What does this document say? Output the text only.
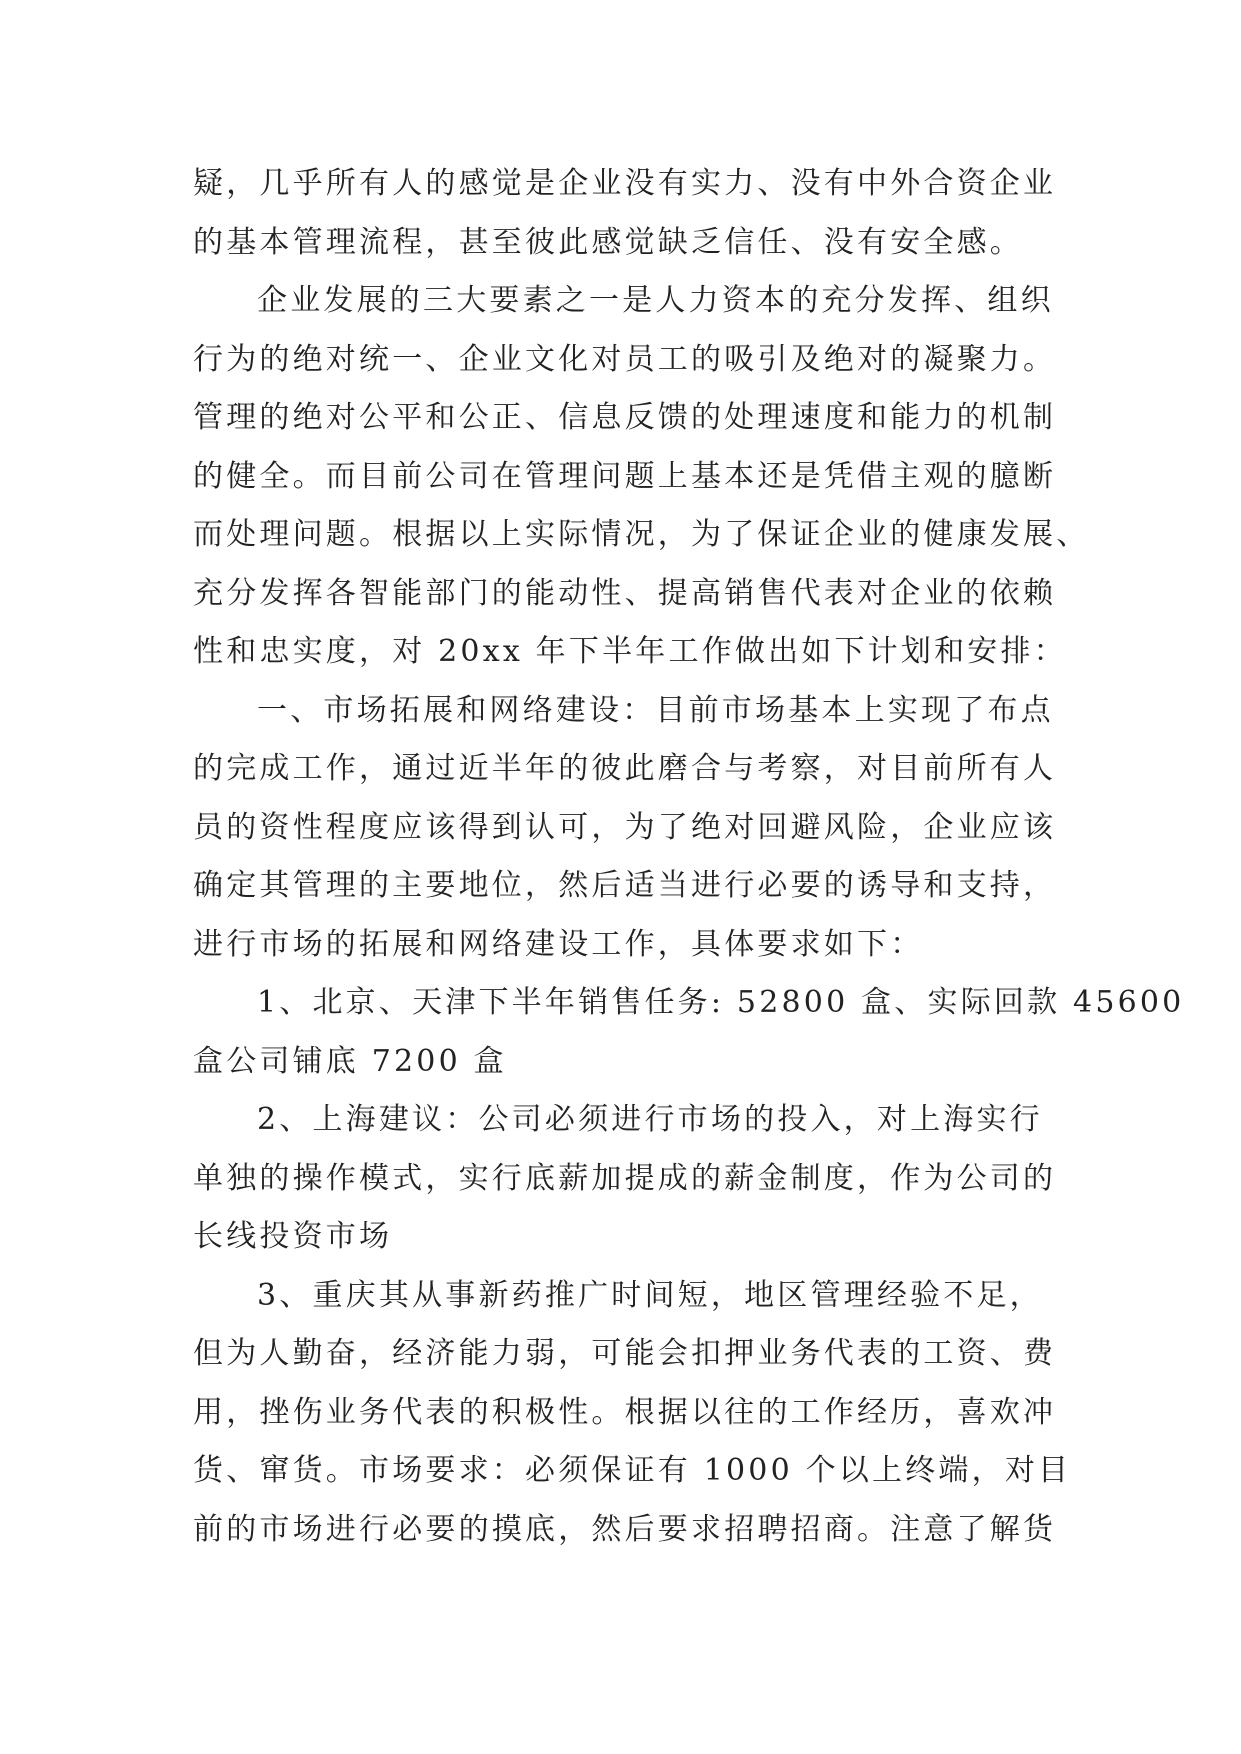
疑，几乎所有人的感觉是企业没有实力、没有中外合资企业
的基本管理流程，甚至彼此感觉缺乏信任、没有安全感。

企业发展的三大要素之一是人力资本的充分发挥、组织
行为的绝对统一、企业文化对员工的吸引及绝对的凝聚力。
管理的绝对公平和公正、信息反馈的处理速度和能力的机制
的健全。而目前公司在管理问题上基本还是凭借主观的臆断
而处理问题。根据以上实际情况，为了保证企业的健康发展、
充分发挥各智能部门的能动性、提高销售代表对企业的依赖
性和忠实度，对 20xx 年下半年工作做出如下计划和安排：

一、市场拓展和网络建设：目前市场基本上实现了布点
的完成工作，通过近半年的彼此磨合与考察，对目前所有人
员的资性程度应该得到认可，为了绝对回避风险，企业应该
确定其管理的主要地位，然后适当进行必要的诱导和支持，
进行市场的拓展和网络建设工作，具体要求如下：

1、北京、天津下半年销售任务: 52800 盒、实际回款 45600
盒公司铺底 7200 盒

2、上海建议：公司必须进行市场的投入，对上海实行
单独的操作模式，实行底薪加提成的薪金制度，作为公司的
长线投资市场

3、重庆其从事新药推广时间短，地区管理经验不足，
但为人勤奋，经济能力弱，可能会扣押业务代表的工资、费
用，挫伤业务代表的积极性。根据以往的工作经历，喜欢冲
货、窜货。市场要求：必须保证有 1000 个以上终端，对目
前的市场进行必要的摸底，然后要求招聘招商。注意了解货
